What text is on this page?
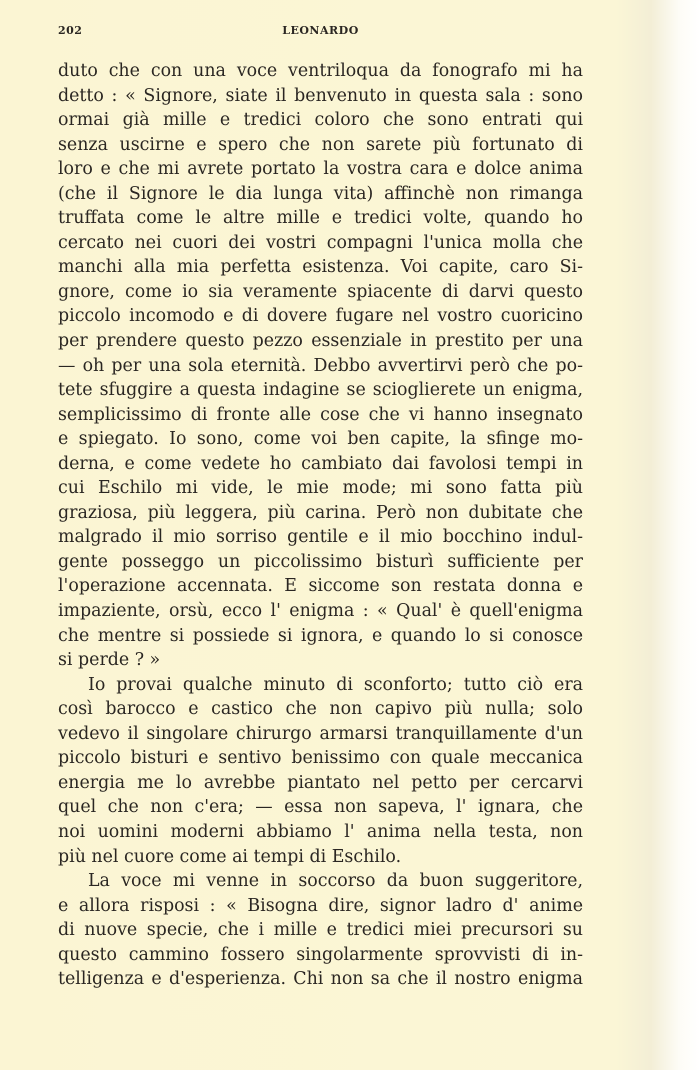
202	LEONARDO
duto che con una voce ventriloqua da fonografo mi ha
detto : « Signore, siate il benvenuto in questa sala : sono
ormai già mille e tredici coloro che sono entrati qui
senza uscirne e spero che non sarete più fortunato di
loro e che mi avrete portato la vostra cara e dolce anima
(che il Signore le dia lunga vita) affinchè non rimanga
truffata come le altre mille e tredici volte, quando ho
cercato nei cuori dei vostri compagni l'unica molla che
manchi alla mia perfetta esistenza. Voi capite, caro Si-
gnore, come io sia veramente spiacente di darvi questo
piccolo incomodo e di dovere fugare nel vostro cuoricino
per prendere questo pezzo essenziale in prestito per una
— oh per una sola eternità. Debbo avvertirvi però che po-
tete sfuggire a questa indagine se scioglierete un enigma,
semplicissimo di fronte alle cose che vi hanno insegnato
e spiegato. Io sono, come voi ben capite, la sfinge mo-
derna, e come vedete ho cambiato dai favolosi tempi in
cui Eschilo mi vide, le mie mode; mi sono fatta più
graziosa, più leggera, più carina. Però non dubitate che
malgrado il mio sorriso gentile e il mio bocchino indul-
gente posseggo un piccolissimo bisturì sufficiente per
l'operazione accennata. E siccome son restata donna e
impaziente, orsù, ecco l' enigma : « Qual' è quell'enigma
che mentre si possiede si ignora, e quando lo si conosce
si perde ? »
Io provai qualche minuto di sconforto; tutto ciò era
così barocco e castico che non capivo più nulla; solo
vedevo il singolare chirurgo armarsi tranquillamente d'un
piccolo bisturi e sentivo benissimo con quale meccanica
energia me lo avrebbe piantato nel petto per cercarvi
quel che non c'era; — essa non sapeva, l' ignara, che
noi uomini moderni abbiamo l' anima nella testa, non
più nel cuore come ai tempi di Eschilo.
La voce mi venne in soccorso da buon suggeritore,
e allora risposi : « Bisogna dire, signor ladro d' anime
di nuove specie, che i mille e tredici miei precursori su
questo cammino fossero singolarmente sprovvisti di in-
telligenza e d'esperienza. Chi non sa che il nostro enigma
